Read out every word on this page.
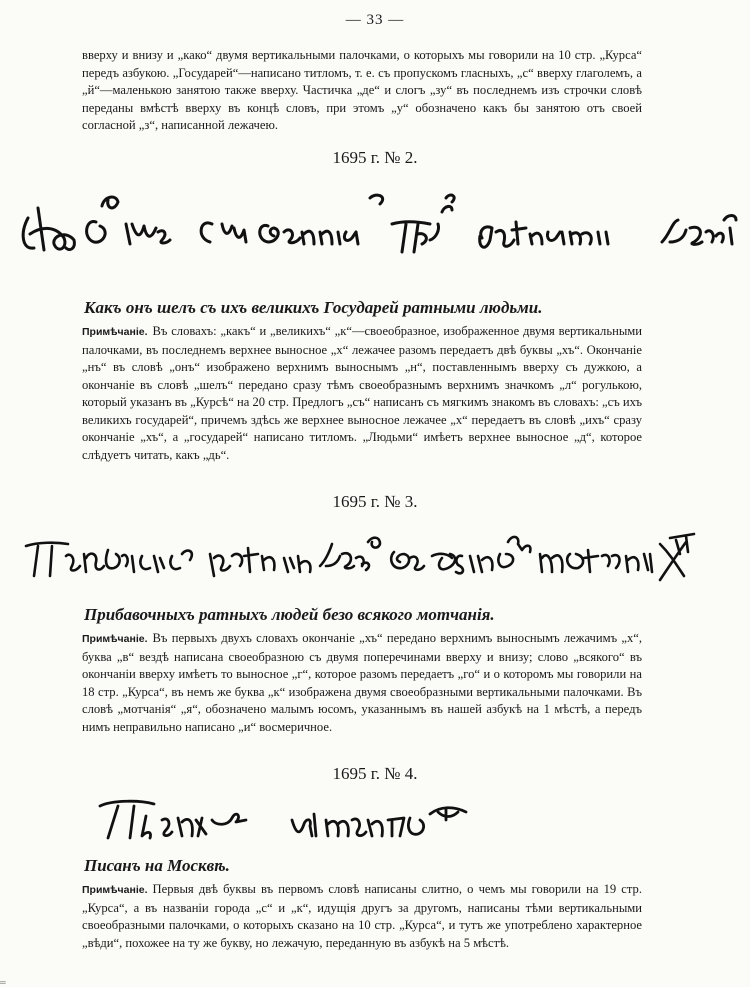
— 33 —

вверху и внизу и „како“ двумя вертикальными палочками, о которыхъ мы говорили на 10 стр. „Курса“ передъ азбукою. „Государей“—написано титломъ, т. е. съ пропускомъ гласныхъ, „с“ вверху глаголемъ, а „й“—маленькою занятою также вверху. Частичка „де“ и слогъ „зу“ въ последнемъ изъ строчки словѣ переданы вмѣстѣ вверху въ концѣ словъ, при этомъ „у“ обозначено какъ бы занятою отъ своей согласной „з“, написанной лежачею.

1695 г. № 2.

Какъ онъ шелъ съ ихъ великихъ Государей ратными людьми.

Примѣчаніе. Въ словахъ: „какъ“ и „великихъ“ „к“—своеобразное, изображенное двумя вертикальными палочками, въ последнемъ верхнее выносное „х“ лежачее разомъ передаетъ двѣ буквы „хъ“. Окончаніе „нъ“ въ словѣ „онъ“ изображено верхнимъ выноснымъ „н“, поставленнымъ вверху съ дужкою, а окончаніе въ словѣ „шелъ“ передано сразу тѣмъ своеобразнымъ верхнимъ значкомъ „л“ рогулькою, который указанъ въ „Курсѣ“ на 20 стр. Предлогъ „съ“ написанъ съ мягкимъ знакомъ въ словахъ: „съ ихъ великихъ государей“, причемъ здѣсь же верхнее выносное лежачее „х“ передаетъ въ словѣ „ихъ“ сразу окончаніе „хъ“, а „государей“ написано титломъ. „Людьми“ имѣетъ верхнее выносное „д“, которое слѣдуетъ читать, какъ „дь“.

1695 г. № 3.

Прибавочныхъ ратныхъ людей безо всякого мотчанія.

Примѣчаніе. Въ первыхъ двухъ словахъ окончаніе „хъ“ передано верхнимъ выноснымъ лежачимъ „х“, буква „в“ вездѣ написана своеобразною съ двумя поперечинами вверху и внизу; слово „всякого“ въ окончаніи вверху имѣетъ то выносное „г“, которое разомъ передаетъ „го“ и о которомъ мы говорили на 18 стр. „Курса“, въ немъ же буква „к“ изображена двумя своеобразными вертикальными палочками. Въ словѣ „мотчанія“ „я“, обозначено малымъ юсомъ, указаннымъ въ нашей азбукѣ на 1 мѣстѣ, а передъ нимъ неправильно написано „и“ восмеричное.

1695 г. № 4.

Писанъ на Москвѣ.

Примѣчаніе. Первыя двѣ буквы въ первомъ словѣ написаны слитно, о чемъ мы говорили на 19 стр. „Курса“, а въ названіи города „с“ и „к“, идущія другъ за другомъ, написаны тѣми вертикальными своеобразными палочками, о которыхъ сказано на 10 стр. „Курса“, и тутъ же употреблено характерное „вѣди“, похожее на ту же букву, но лежачую, переданную въ азбукѣ на 5 мѣстѣ.

═
